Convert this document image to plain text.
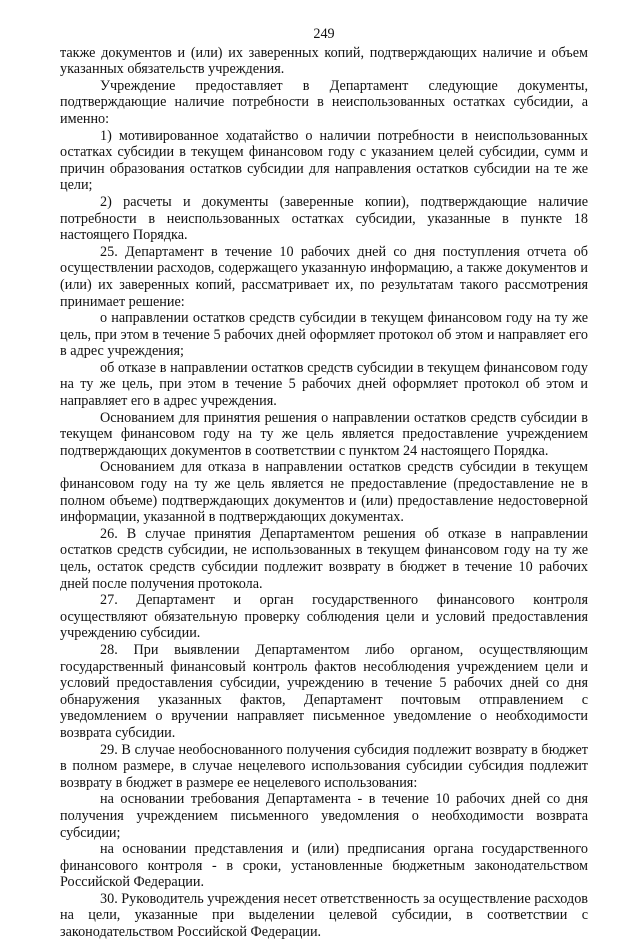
249

также документов и (или) их заверенных копий, подтверждающих наличие и объем указанных обязательств учреждения.

Учреждение предоставляет в Департамент следующие документы, подтверждающие наличие потребности в неиспользованных остатках субсидии, а именно:

1) мотивированное ходатайство о наличии потребности в неиспользованных остатках субсидии в текущем финансовом году с указанием целей субсидии, сумм и причин образования остатков субсидии для направления остатков субсидии на те же цели;

2) расчеты и документы (заверенные копии), подтверждающие наличие потребности в неиспользованных остатках субсидии, указанные в пункте 18 настоящего Порядка.

25. Департамент в течение 10 рабочих дней со дня поступления отчета об осуществлении расходов, содержащего указанную информацию, а также документов и (или) их заверенных копий, рассматривает их, по результатам такого рассмотрения принимает решение:

о направлении остатков средств субсидии в текущем финансовом году на ту же цель, при этом в течение 5 рабочих дней оформляет протокол об этом и направляет его в адрес учреждения;

об отказе в направлении остатков средств субсидии в текущем финансовом году на ту же цель, при этом в течение 5 рабочих дней оформляет протокол об этом и направляет его в адрес учреждения.

Основанием для принятия решения о направлении остатков средств субсидии в текущем финансовом году на ту же цель является предоставление учреждением подтверждающих документов в соответствии с пунктом 24 настоящего Порядка.

Основанием для отказа в направлении остатков средств субсидии в текущем финансовом году на ту же цель является не предоставление (предоставление не в полном объеме) подтверждающих документов и (или) предоставление недостоверной информации, указанной в подтверждающих документах.

26. В случае принятия Департаментом решения об отказе в направлении остатков средств субсидии, не использованных в текущем финансовом году на ту же цель, остаток средств субсидии подлежит возврату в бюджет в течение 10 рабочих дней после получения протокола.

27. Департамент и орган государственного финансового контроля осуществляют обязательную проверку соблюдения цели и условий предоставления учреждению субсидии.

28. При выявлении Департаментом либо органом, осуществляющим государственный финансовый контроль фактов несоблюдения учреждением цели и условий предоставления субсидии, учреждению в течение 5 рабочих дней со дня обнаружения указанных фактов, Департамент почтовым отправлением с уведомлением о вручении направляет письменное уведомление о необходимости возврата субсидии.

29. В случае необоснованного получения субсидия подлежит возврату в бюджет в полном размере, в случае нецелевого использования субсидии субсидия подлежит возврату в бюджет в размере ее нецелевого использования:

на основании требования Департамента - в течение 10 рабочих дней со дня получения учреждением письменного уведомления о необходимости возврата субсидии;

на основании представления и (или) предписания органа государственного финансового контроля - в сроки, установленные бюджетным законодательством Российской Федерации.

30. Руководитель учреждения несет ответственность за осуществление расходов на цели, указанные при выделении целевой субсидии, в соответствии с законодательством Российской Федерации.
